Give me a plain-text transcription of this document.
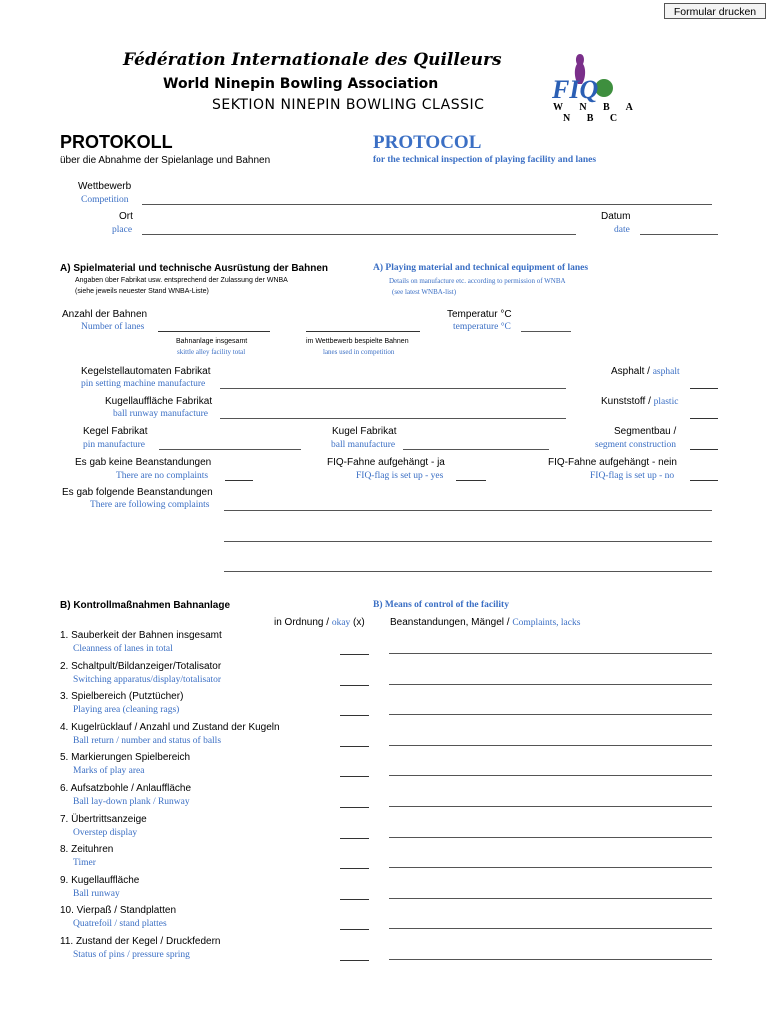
Formular drucken
Fédération Internationale des Quilleurs
World Ninepin Bowling Association
SEKTION NINEPIN BOWLING CLASSIC
FIQ
W N B A
N B C
PROTOKOLL
über die Abnahme der Spielanlage und Bahnen
PROTOCOL
for the technical inspection of playing facility and lanes
Wettbewerb
Competition
Ort
place
Datum
date
A) Spielmaterial und technische Ausrüstung der Bahnen
Angaben über Fabrikat usw. entsprechend der Zulassung der WNBA
(siehe jeweils neuester Stand WNBA-Liste)
A) Playing material and technical equipment of lanes
Details on manufacture etc. according to permission of WNBA
(see latest WNBA-list)
Anzahl der Bahnen
Number of lanes
Bahnanlage insgesamt
skittle alley facility total
im Wettbewerb bespielte Bahnen
lanes used in competition
Temperatur °C
temperature °C
Kegelstellautomaten Fabrikat
pin setting machine manufacture
Asphalt / asphalt
Kugellauffläche Fabrikat
ball runway manufacture
Kunststoff / plastic
Kegel Fabrikat
pin manufacture
Kugel Fabrikat
ball manufacture
Segmentbau /
segment construction
Es gab keine Beanstandungen
There are no complaints
FIQ-Fahne aufgehängt - ja
FIQ-flag is set up - yes
FIQ-Fahne aufgehängt - nein
FIQ-flag is set up - no
Es gab folgende Beanstandungen
There are following complaints
B) Kontrollmaßnahmen Bahnanlage	B) Means of control of the facility
in Ordnung / okay (x)	Beanstandungen, Mängel / Complaints, lacks
1. Sauberkeit der Bahnen insgesamt
Cleanness of lanes in total
2. Schaltpult/Bildanzeiger/Totalisator
Switching apparatus/display/totalisator
3. Spielbereich (Putztücher)
Playing area (cleaning rags)
4. Kugelrücklauf / Anzahl und Zustand der Kugeln
Ball return / number and status of balls
5. Markierungen Spielbereich
Marks of play area
6. Aufsatzbohle / Anlauffläche
Ball lay-down plank / Runway
7. Übertrittsanzeige
Overstep display
8. Zeituhren
Timer
9. Kugellauffläche
Ball runway
10. Vierpaß / Standplatten
Quatrefoil / stand plattes
11. Zustand der Kegel / Druckfedern
Status of pins / pressure spring
